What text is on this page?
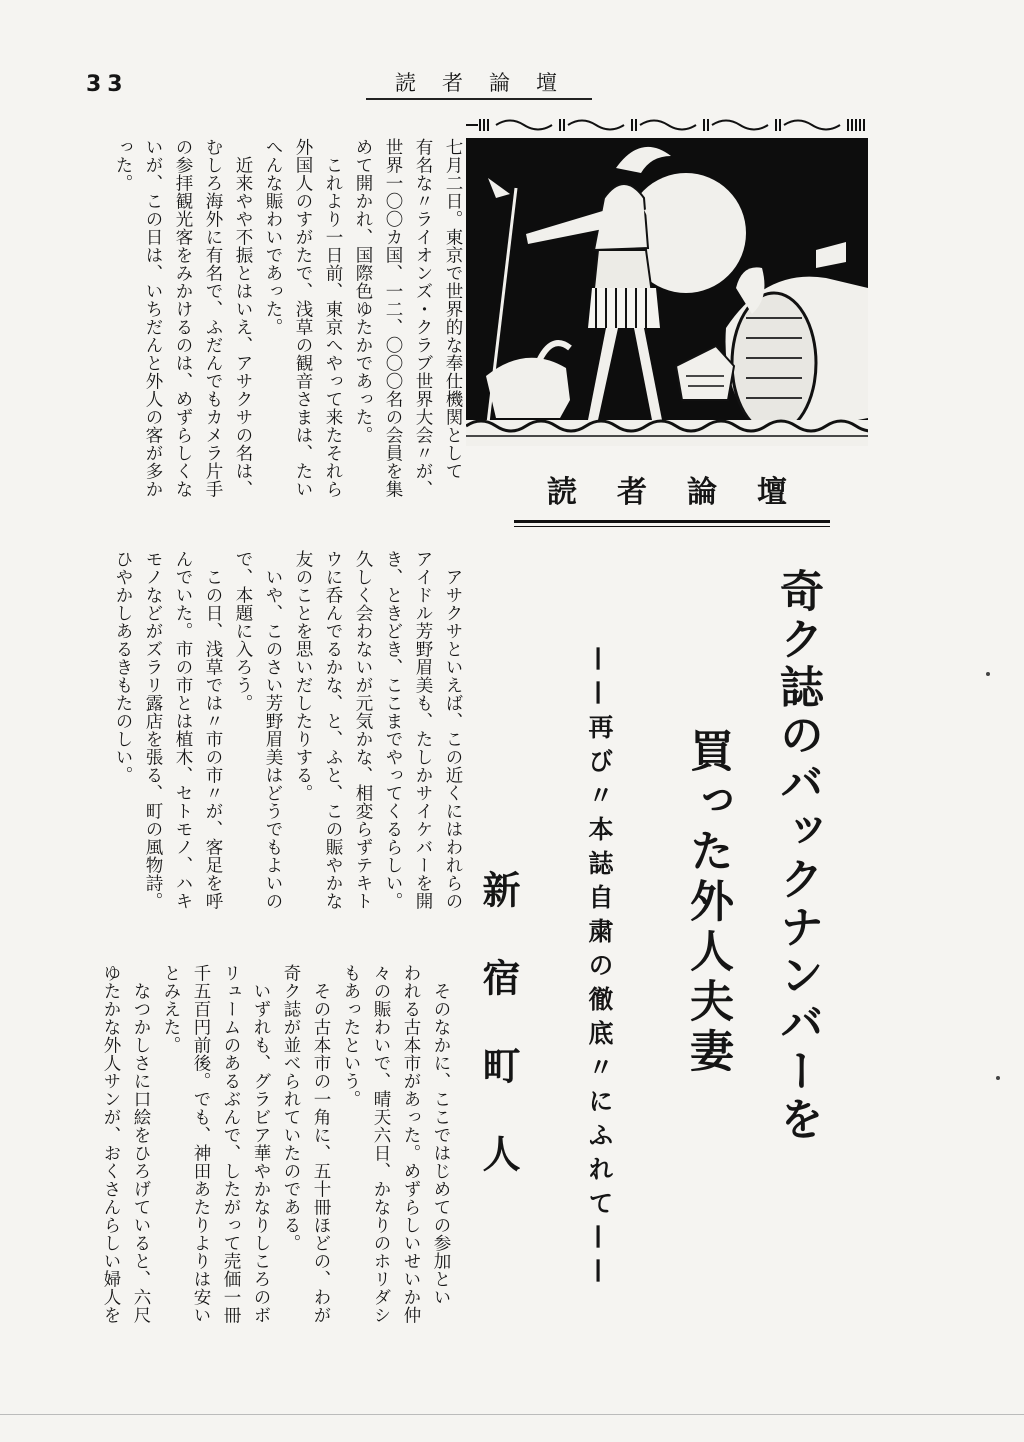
33	読者論壇
読者論壇
奇ク誌のバックナンバーを
買った外人夫妻
——再び〃本誌自粛の徹底〃にふれて——
新宿町人
七月二日。東京で世界的な奉仕機関として
有名な〃ライオンズ・クラブ世界大会〃が、
世界一〇〇カ国、一二、〇〇〇名の会員を集
めて開かれ、国際色ゆたかであった。
　これより一日前、東京へやって来たそれら
外国人のすがたで、浅草の観音さまは、たい
へんな賑わいであった。
　近来やや不振とはいえ、アサクサの名は、
むしろ海外に有名で、ふだんでもカメラ片手
の参拝観光客をみかけるのは、めずらしくな
いが、この日は、いちだんと外人の客が多か
った。
　アサクサといえば、この近くにはわれらの
アイドル芳野眉美も、たしかサイケバーを開
き、ときどき、ここまでやってくるらしい。
久しく会わないが元気かな、相変らずテキト
ウに呑んでるかな、と、ふと、この賑やかな
友のことを思いだしたりする。
　いや、このさい芳野眉美はどうでもよいの
で、本題に入ろう。
　この日、浅草では〃市の市〃が、客足を呼
んでいた。市の市とは植木、セトモノ、ハキ
モノなどがズラリ露店を張る、町の風物詩。
ひやかしあるきもたのしい。
　そのなかに、ここではじめての参加とい
われる古本市があった。めずらしいせいか仲
々の賑わいで、晴天六日、かなりのホリダシ
もあったという。
　その古本市の一角に、五十冊ほどの、わが
奇ク誌が並べられていたのである。
　いずれも、グラビア華やかなりしころのボ
リュームのあるぶんで、したがって売価一冊
千五百円前後。でも、神田あたりよりは安い
とみえた。
　なつかしさに口絵をひろげていると、六尺
ゆたかな外人サンが、おくさんらしい婦人を
